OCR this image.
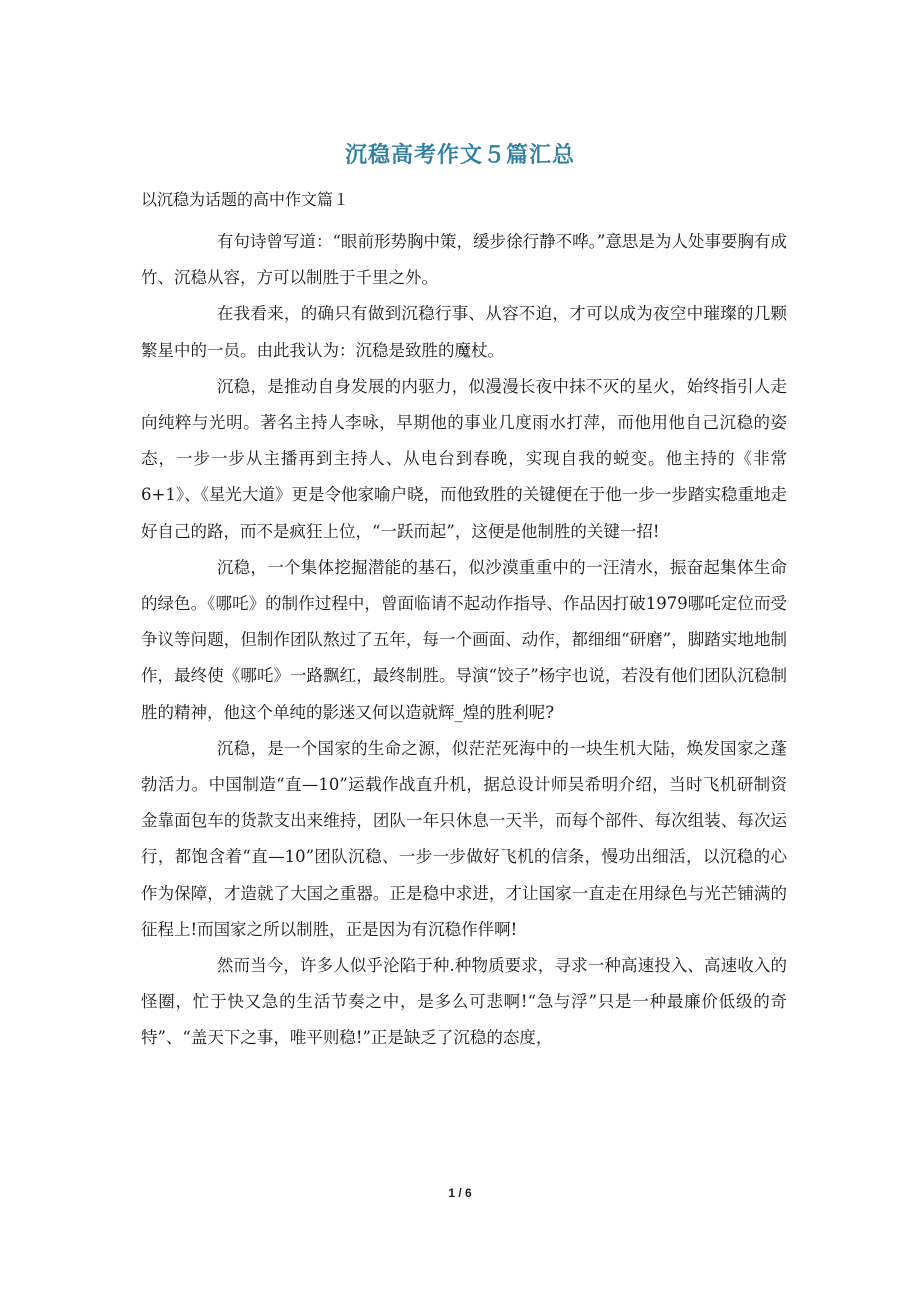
沉稳高考作文５篇汇总
以沉稳为话题的高中作文篇１

有句诗曾写道：“眼前形势胸中策，缓步徐行静不哗。”意思是为人处事要胸有成竹、沉稳从容，方可以制胜于千里之外。

在我看来，的确只有做到沉稳行事、从容不迫，才可以成为夜空中璀璨的几颗繁星中的一员。由此我认为：沉稳是致胜的魔杖。

沉稳，是推动自身发展的内驱力，似漫漫长夜中抹不灭的星火，始终指引人走向纯粹与光明。著名主持人李咏，早期他的事业几度雨水打萍，而他用他自己沉稳的姿态，一步一步从主播再到主持人、从电台到春晚，实现自我的蜕变。他主持的《非常6+1》、《星光大道》更是令他家喻户晓，而他致胜的关键便在于他一步一步踏实稳重地走好自己的路，而不是疯狂上位，“一跃而起”，这便是他制胜的关键一招!

沉稳，一个集体挖掘潜能的基石，似沙漠重重中的一汪清水，振奋起集体生命的绿色。《哪吒》的制作过程中，曾面临请不起动作指导、作品因打破1979哪吒定位而受争议等问题，但制作团队熬过了五年，每一个画面、动作，都细细“研磨”，脚踏实地地制作，最终使《哪吒》一路飘红，最终制胜。导演“饺子”杨宇也说，若没有他们团队沉稳制胜的精神，他这个单纯的影迷又何以造就辉_煌的胜利呢?

沉稳，是一个国家的生命之源，似茫茫死海中的一块生机大陆，焕发国家之蓬勃活力。中国制造“直—10”运载作战直升机，据总设计师吴希明介绍，当时飞机研制资金靠面包车的货款支出来维持，团队一年只休息一天半，而每个部件、每次组装、每次运行，都饱含着“直—10”团队沉稳、一步一步做好飞机的信条，慢功出细活，以沉稳的心作为保障，才造就了大国之重器。正是稳中求进，才让国家一直走在用绿色与光芒铺满的征程上!而国家之所以制胜，正是因为有沉稳作伴啊!

然而当今，许多人似乎沦陷于种.种物质要求，寻求一种高速投入、高速收入的怪圈，忙于快又急的生活节奏之中，是多么可悲啊!“急与浮”只是一种最廉价低级的奇特”、“盖天下之事，唯平则稳!”正是缺乏了沉稳的态度，

1 / 6
